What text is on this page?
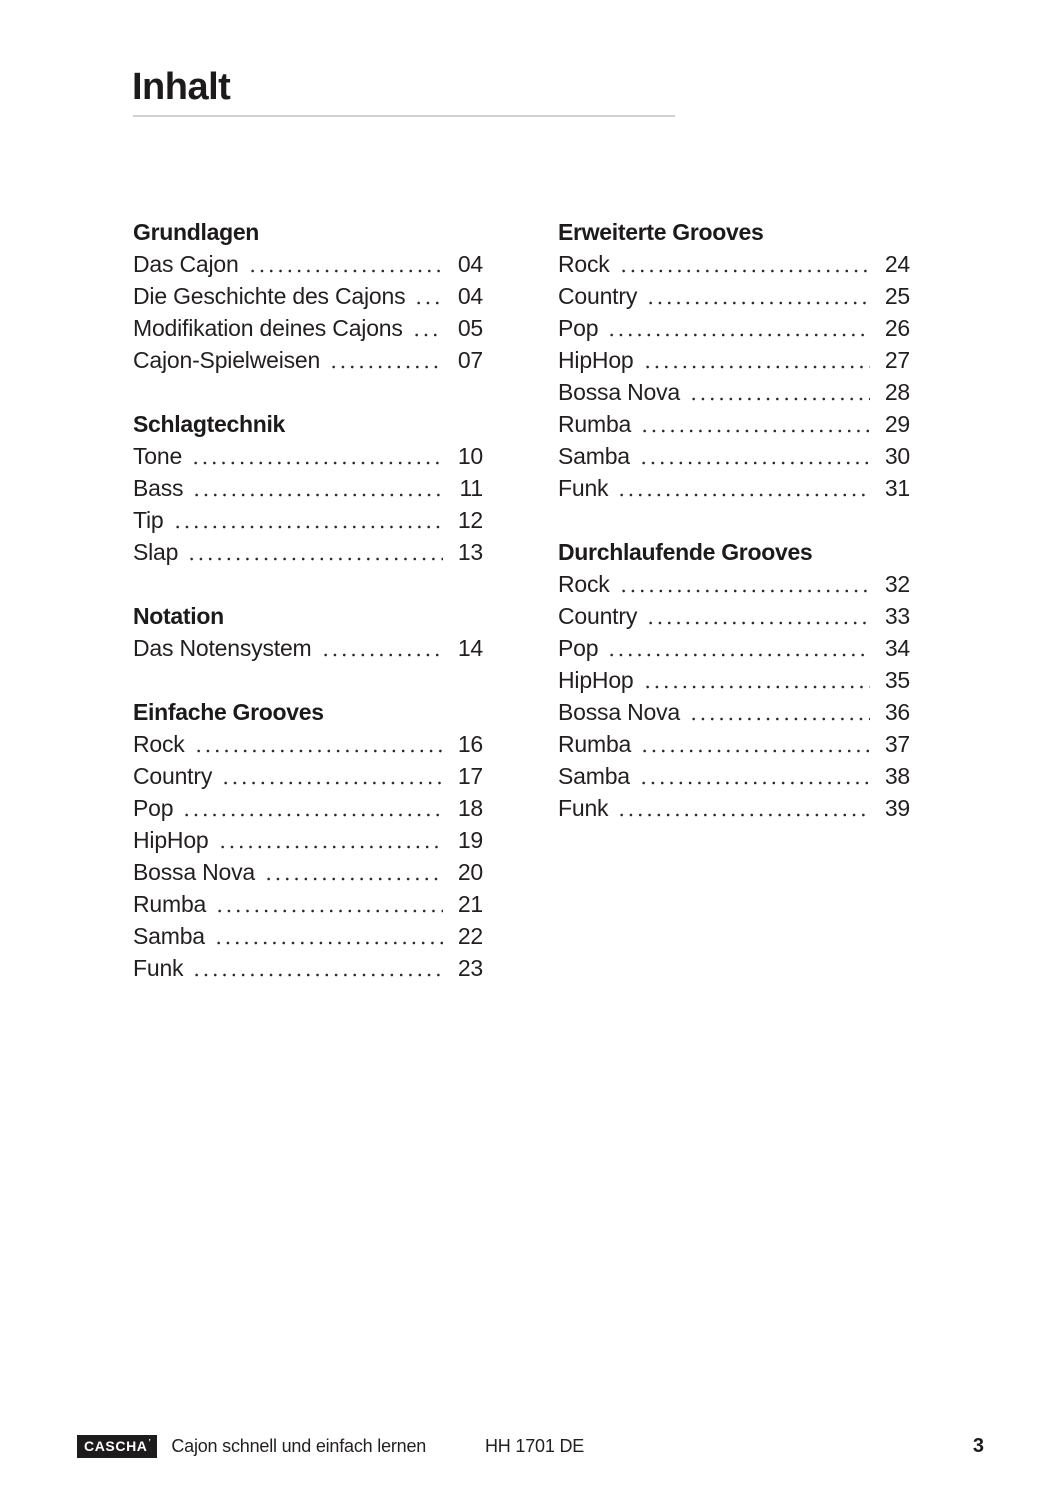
Inhalt
Grundlagen
Das Cajon	04
Die Geschichte des Cajons 04
Modifikation deines Cajons 05
Cajon-Spielweisen	07
Schlagtechnik
Tone	10
Bass	11
Tip	12
Slap	13
Notation
Das Notensystem	14
Einfache Grooves
Rock	16
Country	17
Pop	18
HipHop	19
Bossa Nova	20
Rumba	21
Samba	22
Funk	23
Erweiterte Grooves
Rock	24
Country	25
Pop	26
HipHop	27
Bossa Nova	28
Rumba	29
Samba	30
Funk	31
Durchlaufende Grooves
Rock	32
Country	33
Pop	34
HipHop	35
Bossa Nova	36
Rumba	37
Samba	38
Funk	39
CASCHA ’ Cajon schnell und einfach lernen	HH 1701 DE	3
